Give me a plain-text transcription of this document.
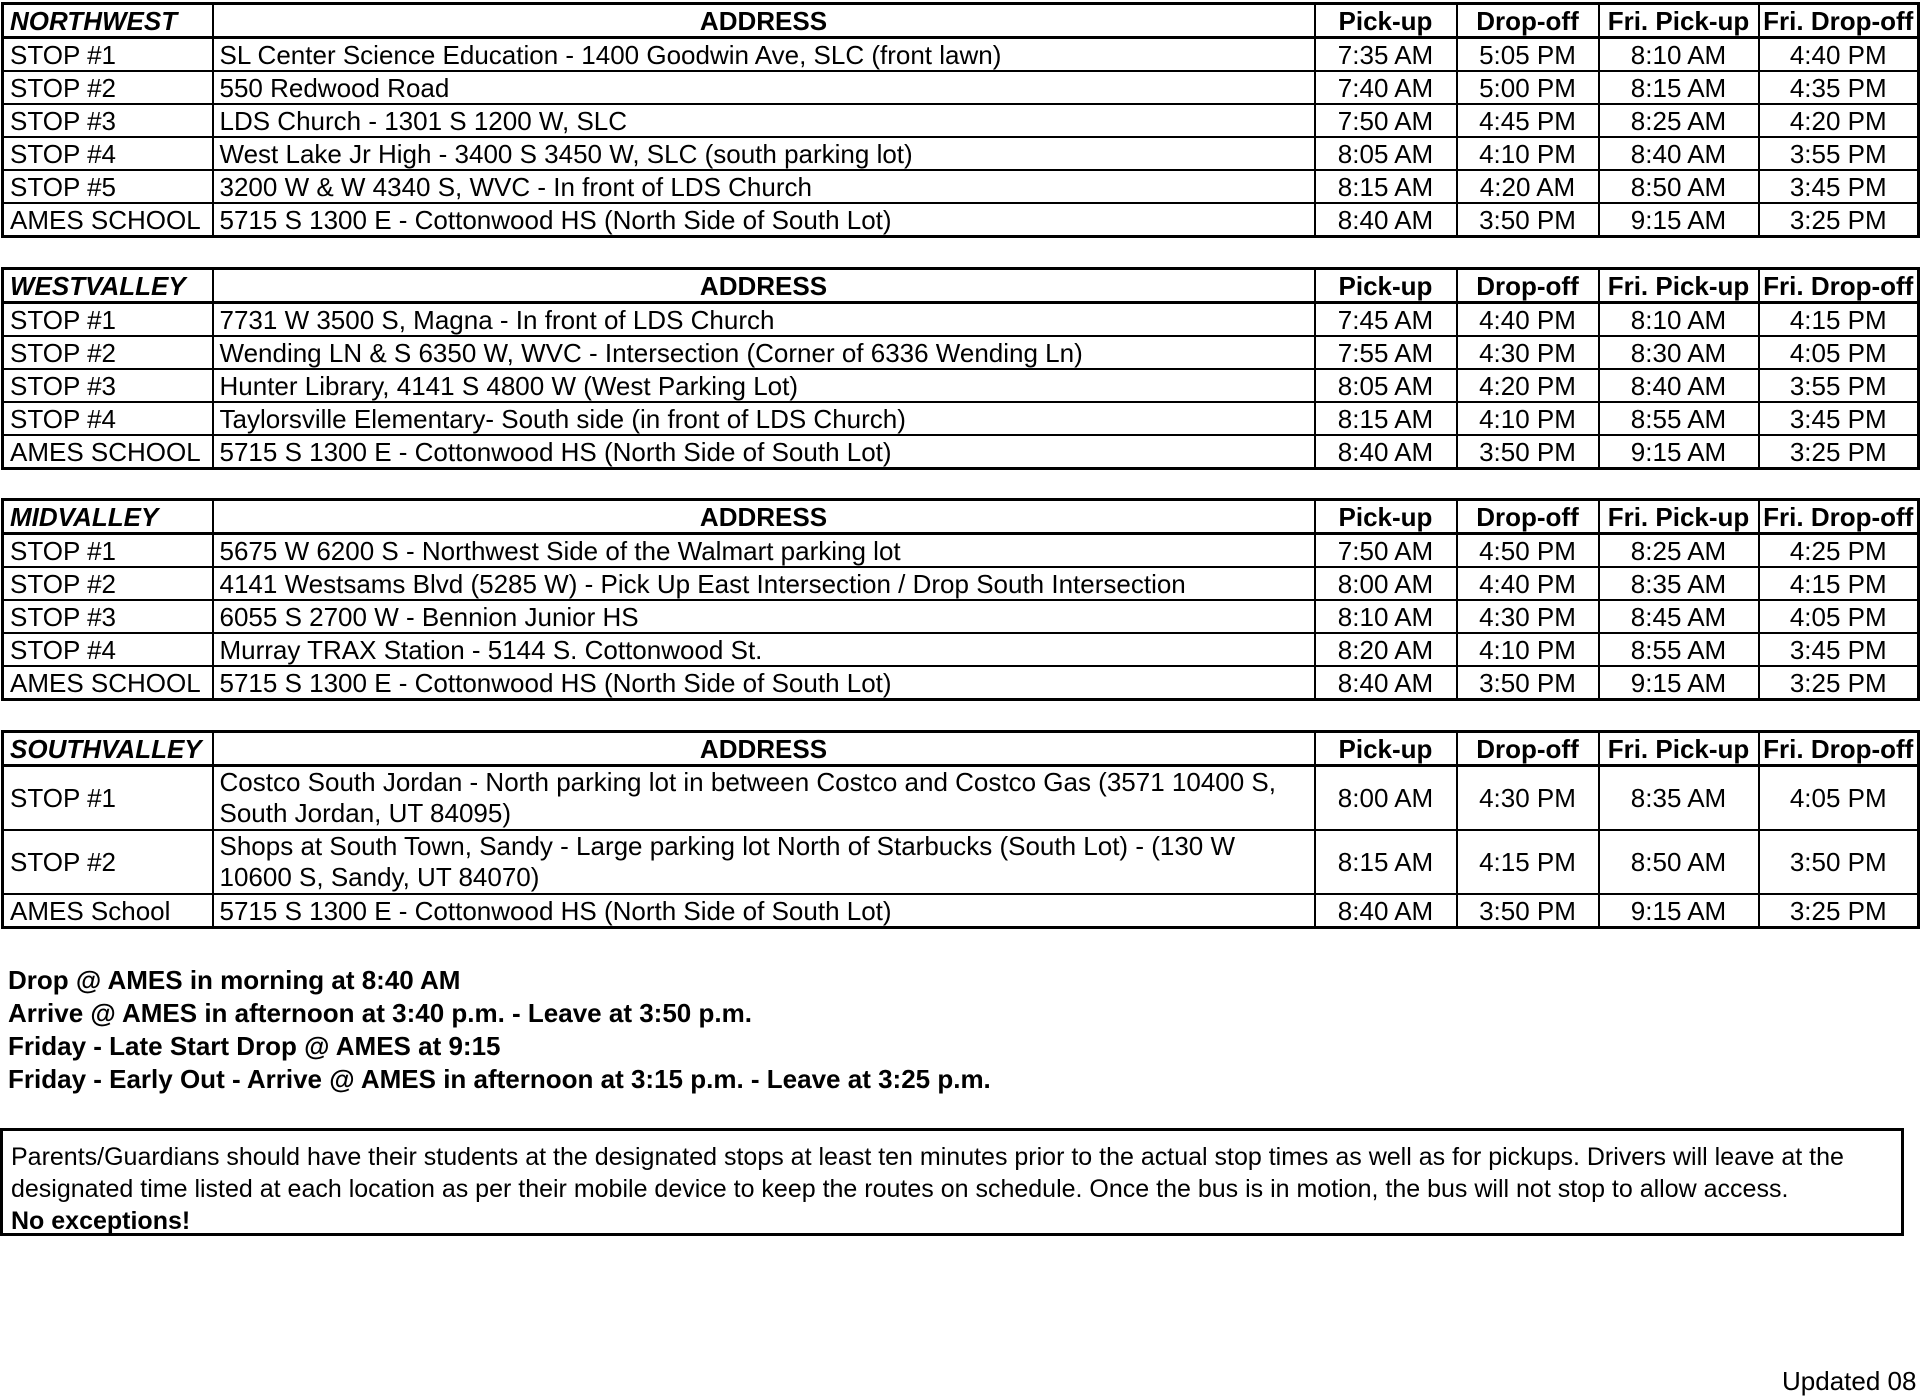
NORTHWEST	ADDRESS	Pick-up	Drop-off	Fri. Pick-up	Fri. Drop-off
STOP #1	SL Center Science Education - 1400 Goodwin Ave, SLC (front lawn)	7:35 AM	5:05 PM	8:10 AM	4:40 PM
STOP #2	550 Redwood Road	7:40 AM	5:00 PM	8:15 AM	4:35 PM
STOP #3	LDS Church - 1301 S 1200 W, SLC	7:50 AM	4:45 PM	8:25 AM	4:20 PM
STOP #4	West Lake Jr High - 3400 S 3450 W, SLC (south parking lot)	8:05 AM	4:10 PM	8:40 AM	3:55 PM
STOP #5	3200 W & W 4340 S, WVC - In front of LDS Church	8:15 AM	4:20 AM	8:50 AM	3:45 PM
AMES SCHOOL	5715 S 1300 E - Cottonwood HS (North Side of South Lot)	8:40 AM	3:50 PM	9:15 AM	3:25 PM
WESTVALLEY	ADDRESS	Pick-up	Drop-off	Fri. Pick-up	Fri. Drop-off
STOP #1	7731 W 3500 S, Magna - In front of LDS Church	7:45 AM	4:40 PM	8:10 AM	4:15 PM
STOP #2	Wending LN & S 6350 W, WVC - Intersection (Corner of 6336 Wending Ln)	7:55 AM	4:30 PM	8:30 AM	4:05 PM
STOP #3	Hunter Library, 4141 S 4800 W (West Parking Lot)	8:05 AM	4:20 PM	8:40 AM	3:55 PM
STOP #4	Taylorsville Elementary- South side (in front of LDS Church)	8:15 AM	4:10 PM	8:55 AM	3:45 PM
AMES SCHOOL	5715 S 1300 E - Cottonwood HS (North Side of South Lot)	8:40 AM	3:50 PM	9:15 AM	3:25 PM
MIDVALLEY	ADDRESS	Pick-up	Drop-off	Fri. Pick-up	Fri. Drop-off
STOP #1	5675 W 6200 S - Northwest Side of the Walmart parking lot	7:50 AM	4:50 PM	8:25 AM	4:25 PM
STOP #2	4141 Westsams Blvd (5285 W) - Pick Up East Intersection / Drop South Intersection	8:00 AM	4:40 PM	8:35 AM	4:15 PM
STOP #3	6055 S 2700 W - Bennion Junior HS	8:10 AM	4:30 PM	8:45 AM	4:05 PM
STOP #4	Murray TRAX Station - 5144 S. Cottonwood St.	8:20 AM	4:10 PM	8:55 AM	3:45 PM
AMES SCHOOL	5715 S 1300 E - Cottonwood HS (North Side of South Lot)	8:40 AM	3:50 PM	9:15 AM	3:25 PM
SOUTHVALLEY	ADDRESS	Pick-up	Drop-off	Fri. Pick-up	Fri. Drop-off
STOP #1	Costco South Jordan - North parking lot in between Costco and Costco Gas (3571 10400 S, South Jordan, UT 84095)	8:00 AM	4:30 PM	8:35 AM	4:05 PM
STOP #2	Shops at South Town, Sandy - Large parking lot North of Starbucks (South Lot) - (130 W 10600 S, Sandy, UT 84070)	8:15 AM	4:15 PM	8:50 AM	3:50 PM
AMES School	5715 S 1300 E - Cottonwood HS (North Side of South Lot)	8:40 AM	3:50 PM	9:15 AM	3:25 PM
Drop @ AMES in morning at 8:40 AM
Arrive @ AMES in afternoon at 3:40 p.m. - Leave at 3:50 p.m.
Friday - Late Start Drop @ AMES at 9:15
Friday - Early Out - Arrive @ AMES in afternoon at 3:15 p.m. - Leave at 3:25 p.m.
Parents/Guardians should have their students at the designated stops at least ten minutes prior to the actual stop times as well as for pickups. Drivers will leave at the designated time listed at each location as per their mobile device to keep the routes on schedule. Once the bus is in motion, the bus will not stop to allow access.
No exceptions!
Updated 08
